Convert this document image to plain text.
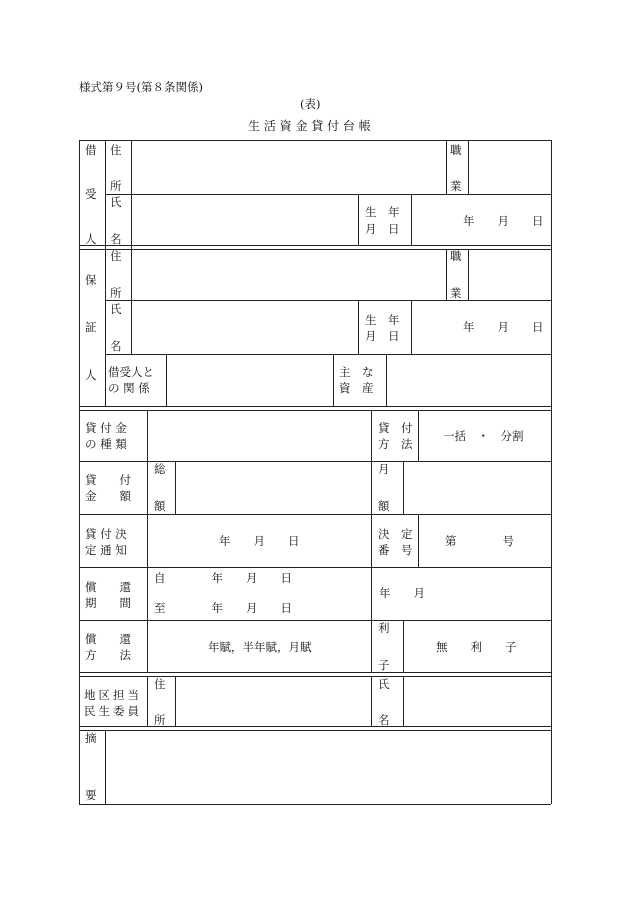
様式第９号(第８条関係)
(表)
生 活 資 金 貸 付 台 帳
借
受
人
住
所
職
業
氏
名
生　年
月　日
年　　月　　日
保
証
人
住
所
職
業
氏
名
生　年
月　日
年　　月　　日
借受人と
の 関 係
主　な
資　産
貸 付 金
の 種 類
貸　付
方　法
一括　・　分割
貸　　付
金　　額
総
額
月
額
貸 付 決
定 通 知
年　　月　　日	決　定
番　号
第　　　　号
償　　還
期　　間
自　　　　年　　月　　日
至　　　　年　　月　　日
年　　月
償　　還
方　　法
年賦，半年賦，月賦
利
子
無　　利　　子
地区担当
民生委員
住
所
氏
名
摘
要
